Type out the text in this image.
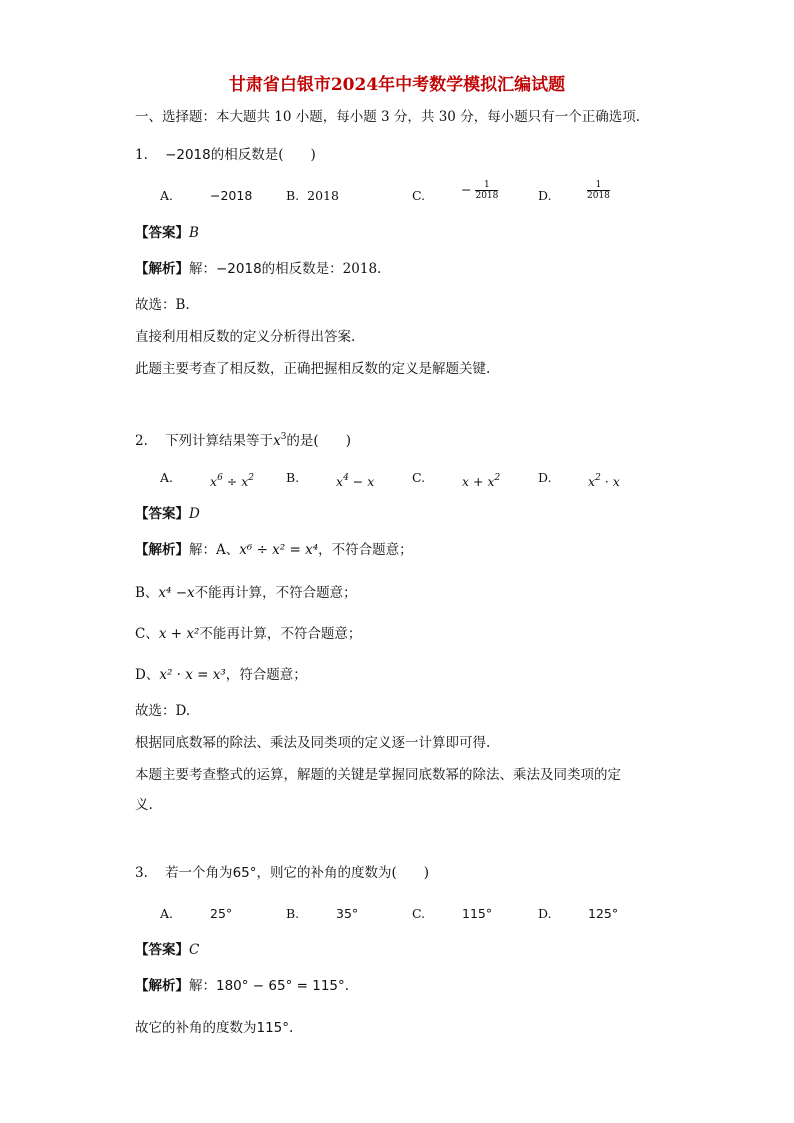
甘肃省白银市2024年中考数学模拟汇编试题
一、选择题：本大题共 10 小题，每小题 3 分，共 30 分，每小题只有一个正确选项.
1. −2018的相反数是(　　)
A.	−2018	B. 2018	C.	− $\frac{1}{2018}$	D.	$\frac{1}{2018}$
【答案】B
【解析】解：−2018的相反数是：2018.
故选：B.
直接利用相反数的定义分析得出答案.
此题主要考查了相反数，正确把握相反数的定义是解题关键.
2. 下列计算结果等于$x^3$的是(　　)
A.	$x^6 \div x^2$	B.	$x^4 - x$	C.	$x + x^2$	D.	$x^2 \cdot x$
【答案】D
【解析】解：A、x⁶ ÷ x² = x⁴，不符合题意；
B、x⁴ −x不能再计算，不符合题意；
C、x + x²不能再计算，不符合题意；
D、x² · x = x³，符合题意；
故选：D.
根据同底数幂的除法、乘法及同类项的定义逐一计算即可得.
本题主要考查整式的运算，解题的关键是掌握同底数幂的除法、乘法及同类项的定
义.
3. 若一个角为65°，则它的补角的度数为(　　)
A.	25°	B.	35°	C.	115°	D.	125°
【答案】C
【解析】解：180° − 65° = 115°.
故它的补角的度数为115°.
